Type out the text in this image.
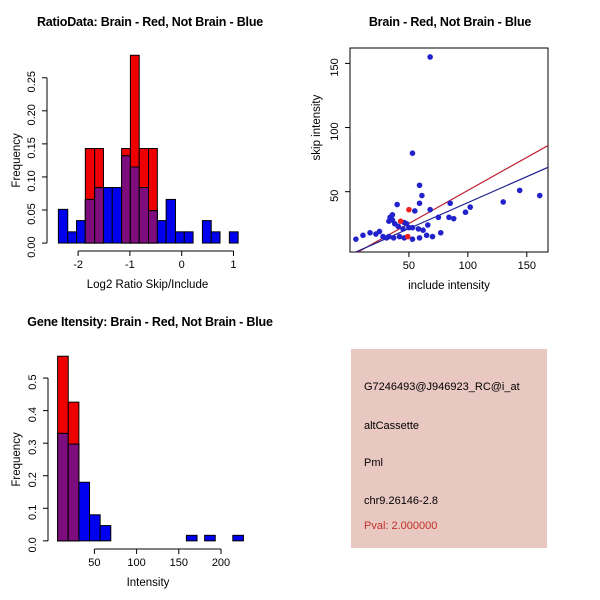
0.00
0.05
0.10
0.15
0.20
0.25
-2	-1	0	1
Log2 Ratio Skip/Include
Frequency
RatioData: Brain - Red, Not Brain - Blue
50
100
150
50	100	150
include intensity
skip intensity
Brain - Red, Not Brain - Blue
0.0
0.1
0.2
0.3
0.4
0.5
50 100 150 200
Intensity
Frequency
Gene Itensity: Brain - Red, Not Brain - Blue
G7246493@J946923_RC@i_at
altCassette
Pml
chr9.26146-2.8
Pval: 2.000000
